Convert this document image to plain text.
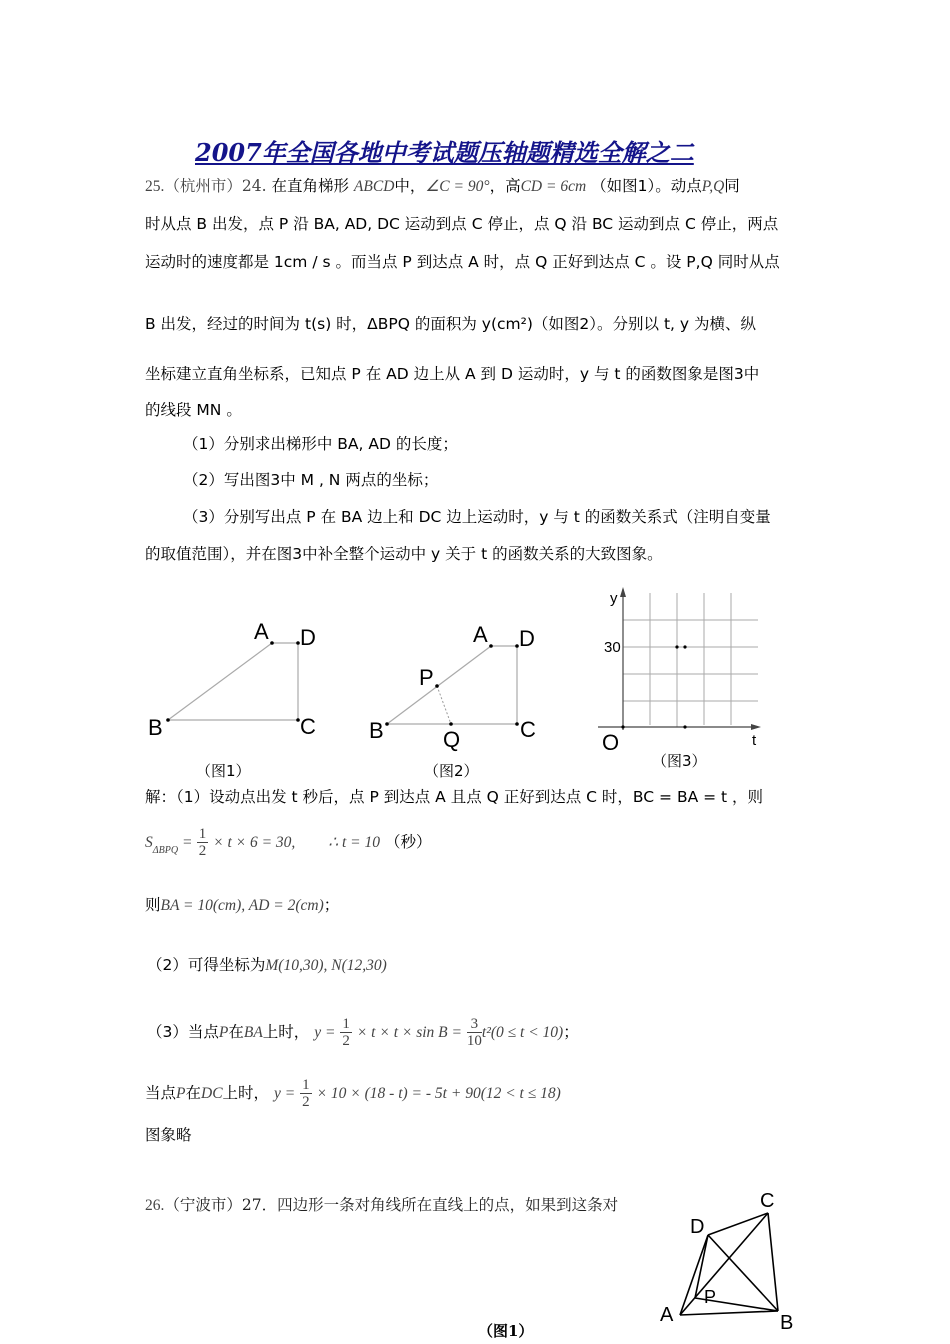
2007年全国各地中考试题压轴题精选全解之二
25.（杭州市）24. 在直角梯形 ABCD中，∠C = 90°，高CD = 6cm （如图1）。动点P,Q同
时从点 B 出发，点 P 沿 BA, AD, DC 运动到点 C 停止，点 Q 沿 BC 运动到点 C 停止，两点
运动时的速度都是 1cm / s 。而当点 P 到达点 A 时，点 Q 正好到达点 C 。设 P,Q 同时从点
B 出发，经过的时间为 t(s) 时，ΔBPQ 的面积为 y(cm²)（如图2）。分别以 t, y 为横、纵
坐标建立直角坐标系，已知点 P 在 AD 边上从 A 到 D 运动时，y 与 t 的函数图象是图3中
的线段 MN 。
（1）分别求出梯形中 BA, AD 的长度；
（2）写出图3中 M , N 两点的坐标；
（3）分别写出点 P 在 BA 边上和 DC 边上运动时，y 与 t 的函数关系式（注明自变量
的取值范围），并在图3中补全整个运动中 y 关于 t 的函数关系的大致图象。
A D
B	C
（图1）
A D
P
B	Q	C
（图2）
y
t
O
30
（图3）
解：（1）设动点出发 t 秒后，点 P 到达点 A 且点 Q 正好到达点 C 时，BC = BA = t ，则
$S_{\Delta BPQ} = \frac{1}{2} \times t \times 6 = 30$, ∴ t = 10 （秒）
则BA = 10(cm), AD = 2(cm)；
（2）可得坐标为M(10,30), N(12,30)
（3）当点P在BA上时， $y = \frac{1}{2} \times t \times t \times \sin B = \frac{3}{10} t^2(0 \le t < 10)$；
当点P在DC上时， $y = \frac{1}{2} \times 10 \times (18 - t)$ = - 5t + 90(12 < t ≤ 18)
图象略
26.（宁波市）27．四边形一条对角线所在直线上的点，如果到这条对	C
D
P
A	B
（图1）
